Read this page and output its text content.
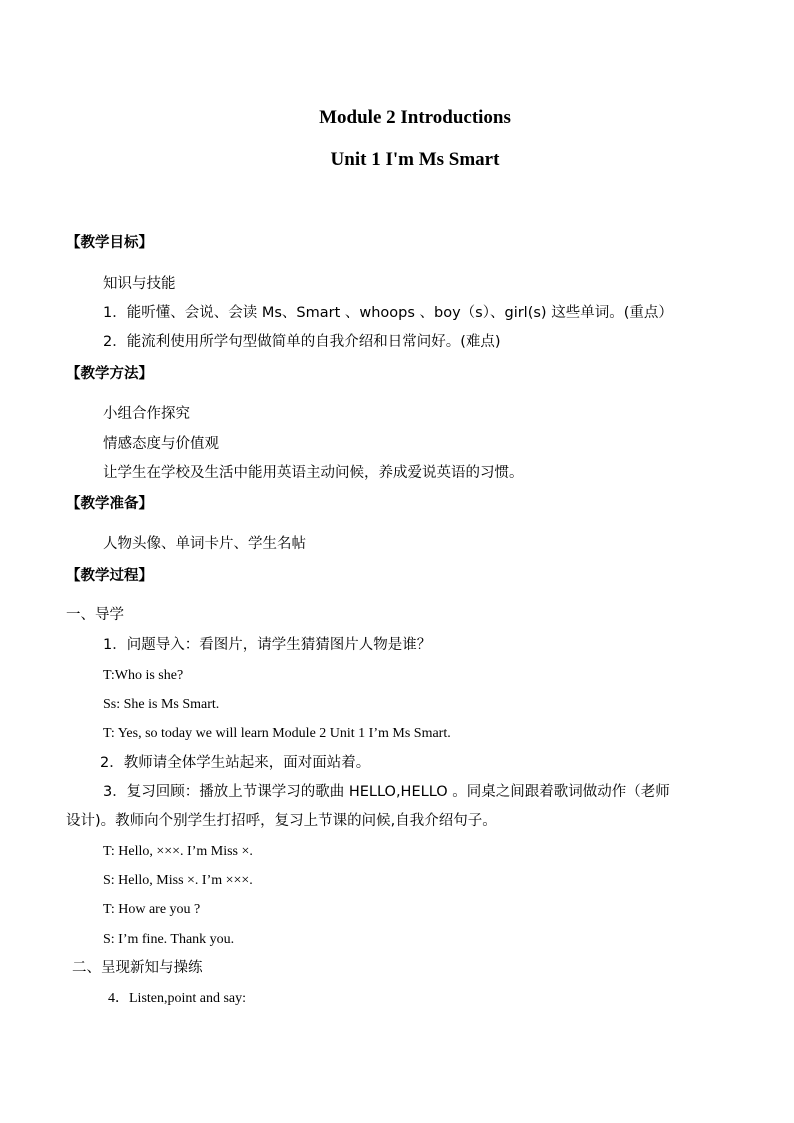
Module 2 Introductions
Unit 1 I'm Ms Smart
【教学目标】
知识与技能
1．能听懂、会说、会读 Ms、Smart 、whoops 、boy（s）、girl(s) 这些单词。(重点）
2．能流利使用所学句型做简单的自我介绍和日常问好。(难点)
【教学方法】
小组合作探究
情感态度与价值观
让学生在学校及生活中能用英语主动问候，养成爱说英语的习惯。
【教学准备】
人物头像、单词卡片、学生名帖
【教学过程】
一、导学
1．问题导入：看图片，请学生猜猜图片人物是谁？
T:Who is she?
Ss: She is Ms Smart.
T: Yes, so today we will learn Module 2 Unit 1 I’m Ms Smart.
2．教师请全体学生站起来，面对面站着。
3．复习回顾：播放上节课学习的歌曲 HELLO,HELLO 。同桌之间跟着歌词做动作（老师
设计)。教师向个别学生打招呼，复习上节课的问候,自我介绍句子。
T: Hello, ×××. I’m Miss ×.
S: Hello, Miss ×. I’m ×××.
T: How are you ?
S: I’m fine. Thank you.
二、呈现新知与操练
4．Listen,point and say:
